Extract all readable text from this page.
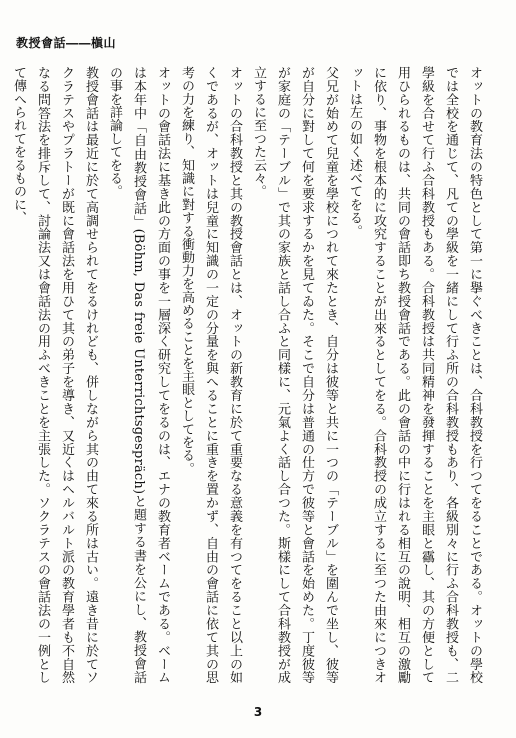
教授會話――槇山

オットの教育法の特色として第一に擧ぐべきことは、合科教授を行つてをることである。オットの學校では全校を通じて、凡ての學級を一緒にして行ふ所の合科教授もあり、各級別々に行ふ合科教授も、二學級を合せて行ふ合科教授もある。合科教授は共同精神を發揮することを主眼と靍し、其の方便として用ひられるものは、共同の會話即ち教授會話である。此の會話の中に行はれる相互の說明、相互の激勵に依り、事物を根本的に攻究することが出來るとしてをる。合科教授の成立するに至つた由來につきオットは左の如く述べてをる。

父兄が始めて兒童を學校につれて來たとき、自分は彼等と共に一つの「テーブル」を圍んで坐し、彼等が自分に對して何を要求するかを見てゐた。そこで自分は普通の仕方で彼等と會話を始めた。丁度彼等が家庭の「テーブル」で其の家族と話し合ふと同樣に、元氣よく話し合つた。斯樣にして合科教授が成立するに至つた云々。

オットの合科教授と其の教授會話とは、オットの新教育に於て重要なる意義を有つてをること以上の如くであるが、オットは兒童に知識の一定の分量を與へることに重きを置かず、自由の會話に依て其の思考の力を練り、知識に對する衝動力を高めることを主眼としてをる。

オットの會話法に基き此の方面の事を一層深く研究してをるのは、エナの教育者ベームである。ベームは本年中「自由教授會話」(Böhm, Das freie Unterrichtsgespräch)と題する書を公にし、教授會話の事を詳論してをる。

教授會話は最近に於て高調せられてをるけれども、併しながら其の由て來る所は古い。遠き昔に於てソクラテスやプラトーが既に會話法を用ひて其の弟子を導き、又近くはヘルバルト派の教育學者も不自然なる問答法を排斥して、討論法又は會話法の用ふべきことを主張した。ソクラテスの會話法の一例として傳へられてをるものに、

3
